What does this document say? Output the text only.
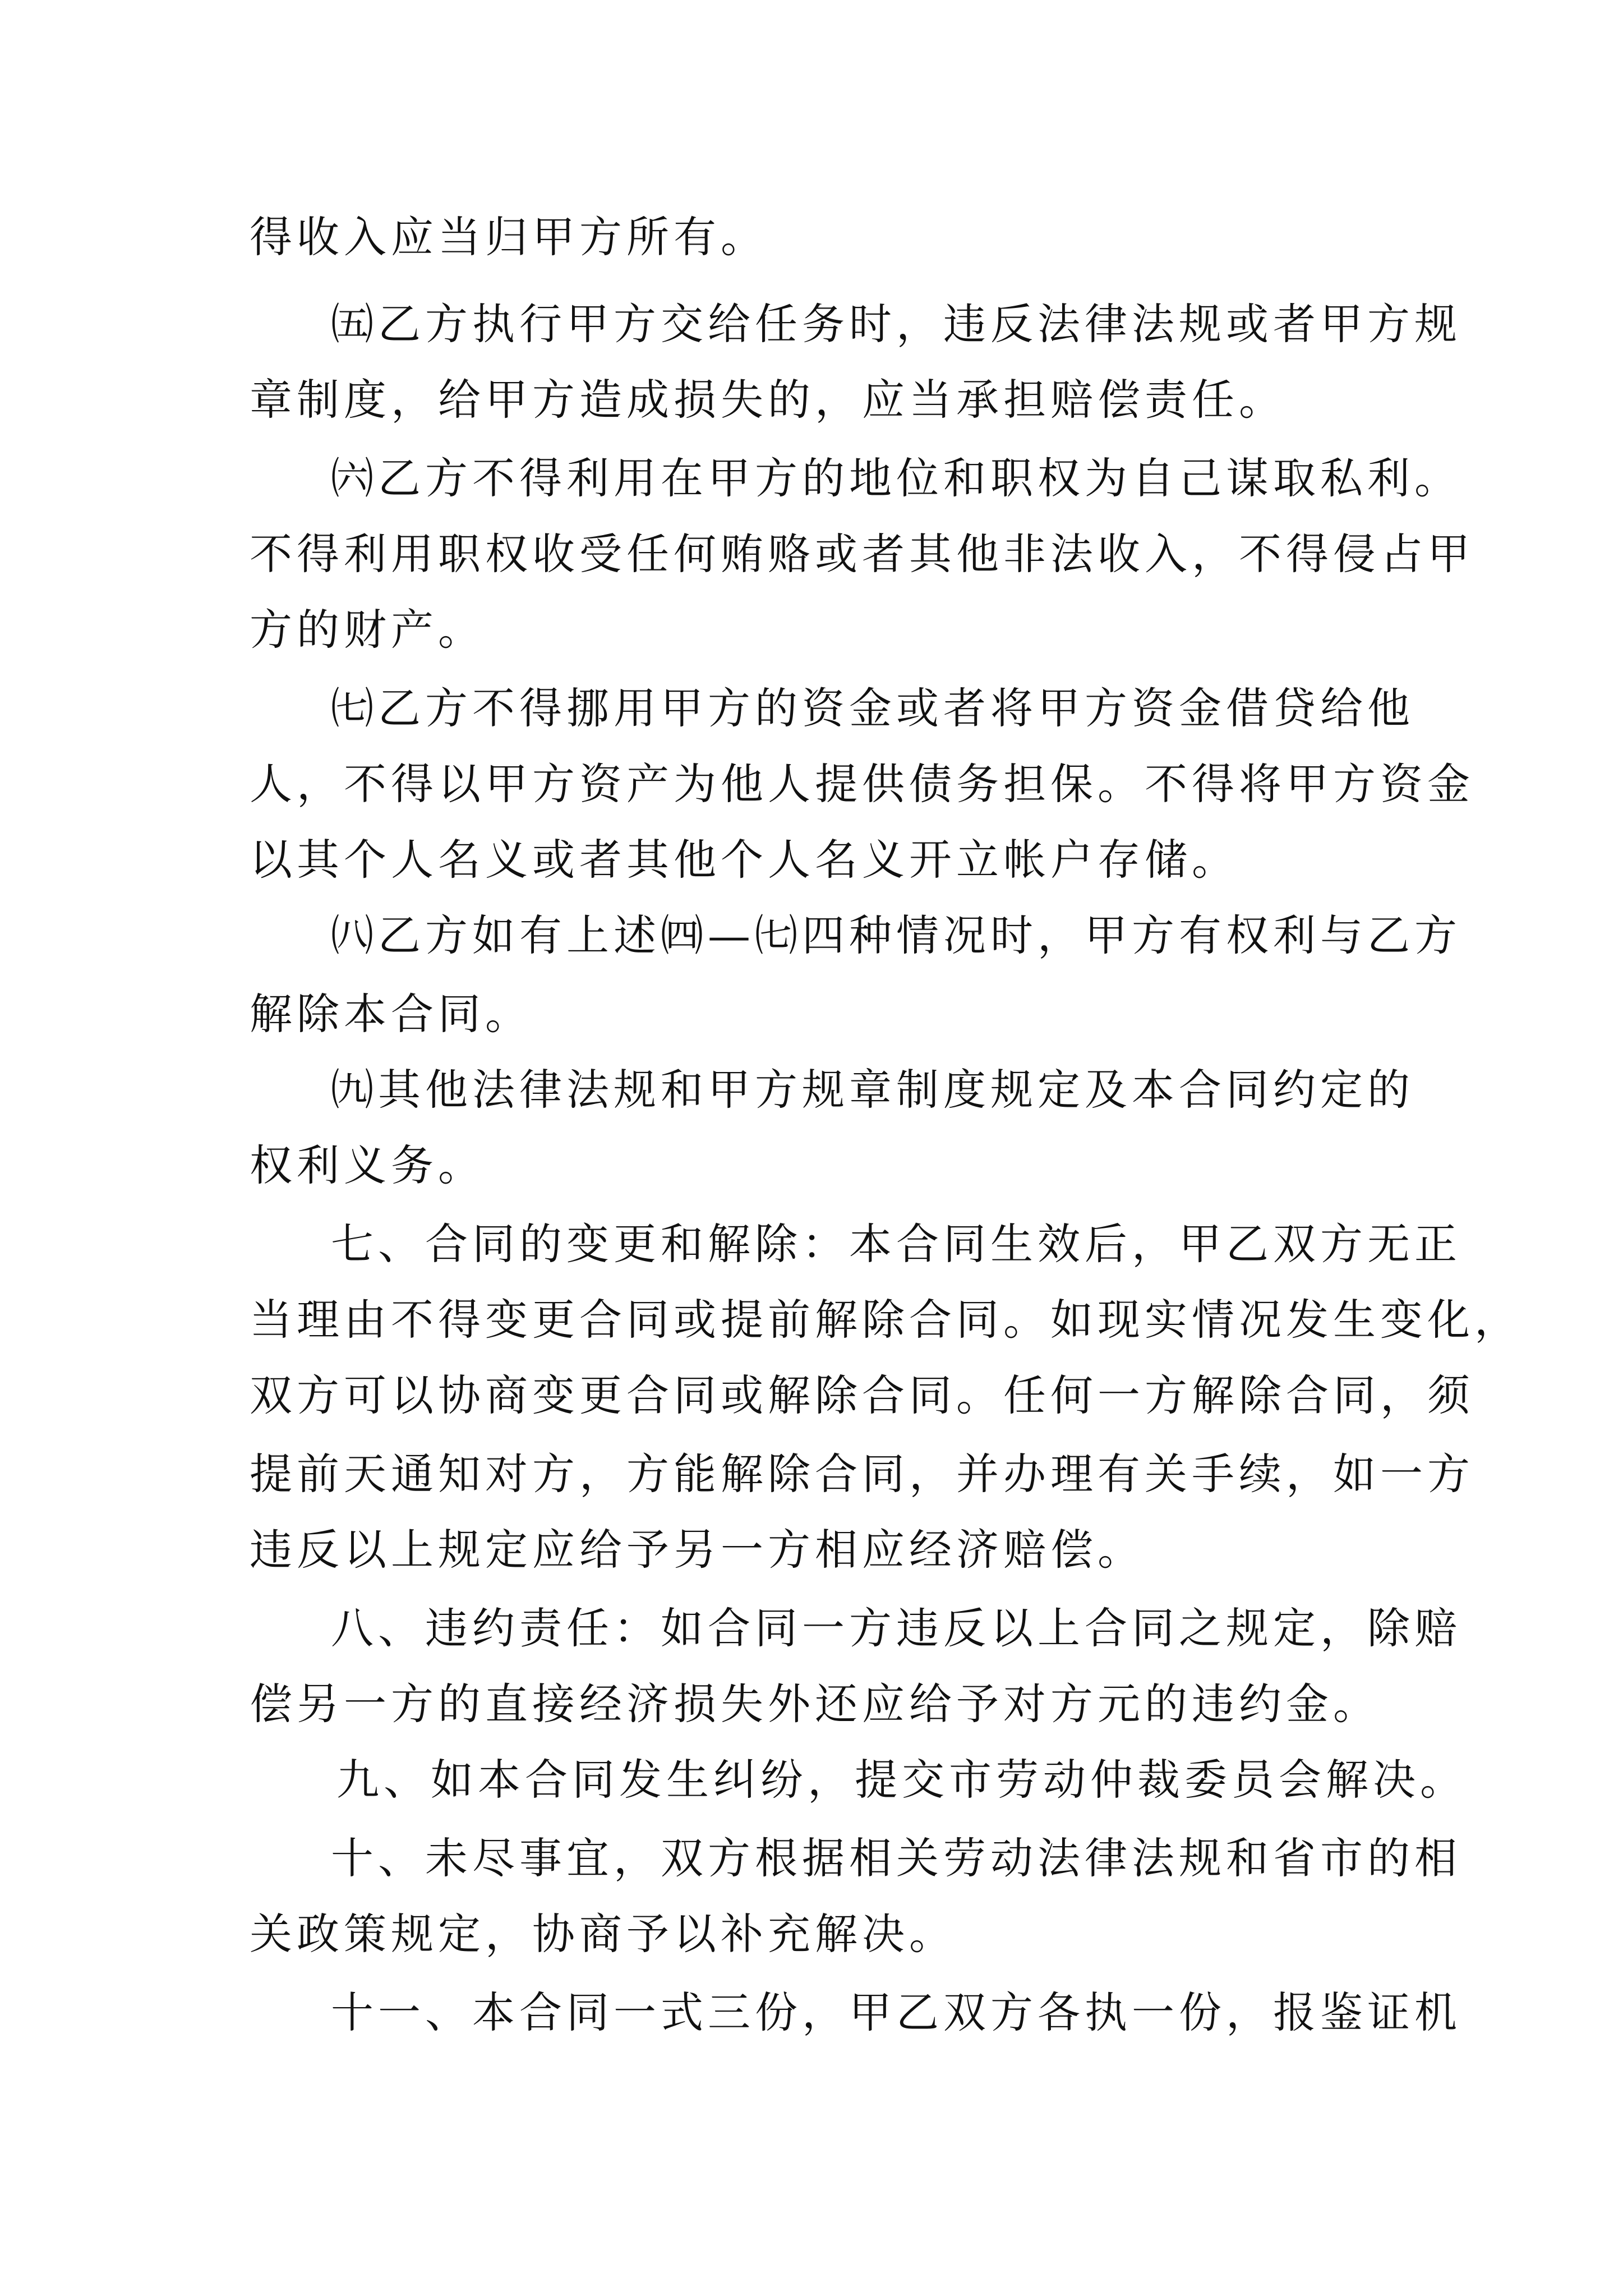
得收入应当归甲方所有。
㈤乙方执行甲方交给任务时，违反法律法规或者甲方规
章制度，给甲方造成损失的，应当承担赔偿责任。
㈥乙方不得利用在甲方的地位和职权为自己谋取私利。
不得利用职权收受任何贿赂或者其他非法收入，不得侵占甲
方的财产。
㈦乙方不得挪用甲方的资金或者将甲方资金借贷给他
人，不得以甲方资产为他人提供债务担保。不得将甲方资金
以其个人名义或者其他个人名义开立帐户存储。
㈧乙方如有上述㈣—㈦四种情况时，甲方有权利与乙方
解除本合同。
㈨其他法律法规和甲方规章制度规定及本合同约定的
权利义务。
七、合同的变更和解除：本合同生效后，甲乙双方无正
当理由不得变更合同或提前解除合同。如现实情况发生变化，
双方可以协商变更合同或解除合同。任何一方解除合同，须
提前天通知对方，方能解除合同，并办理有关手续，如一方
违反以上规定应给予另一方相应经济赔偿。
八、违约责任：如合同一方违反以上合同之规定，除赔
偿另一方的直接经济损失外还应给予对方元的违约金。
九、如本合同发生纠纷，提交市劳动仲裁委员会解决。
十、未尽事宜，双方根据相关劳动法律法规和省市的相
关政策规定，协商予以补充解决。
十一、本合同一式三份，甲乙双方各执一份，报鉴证机
